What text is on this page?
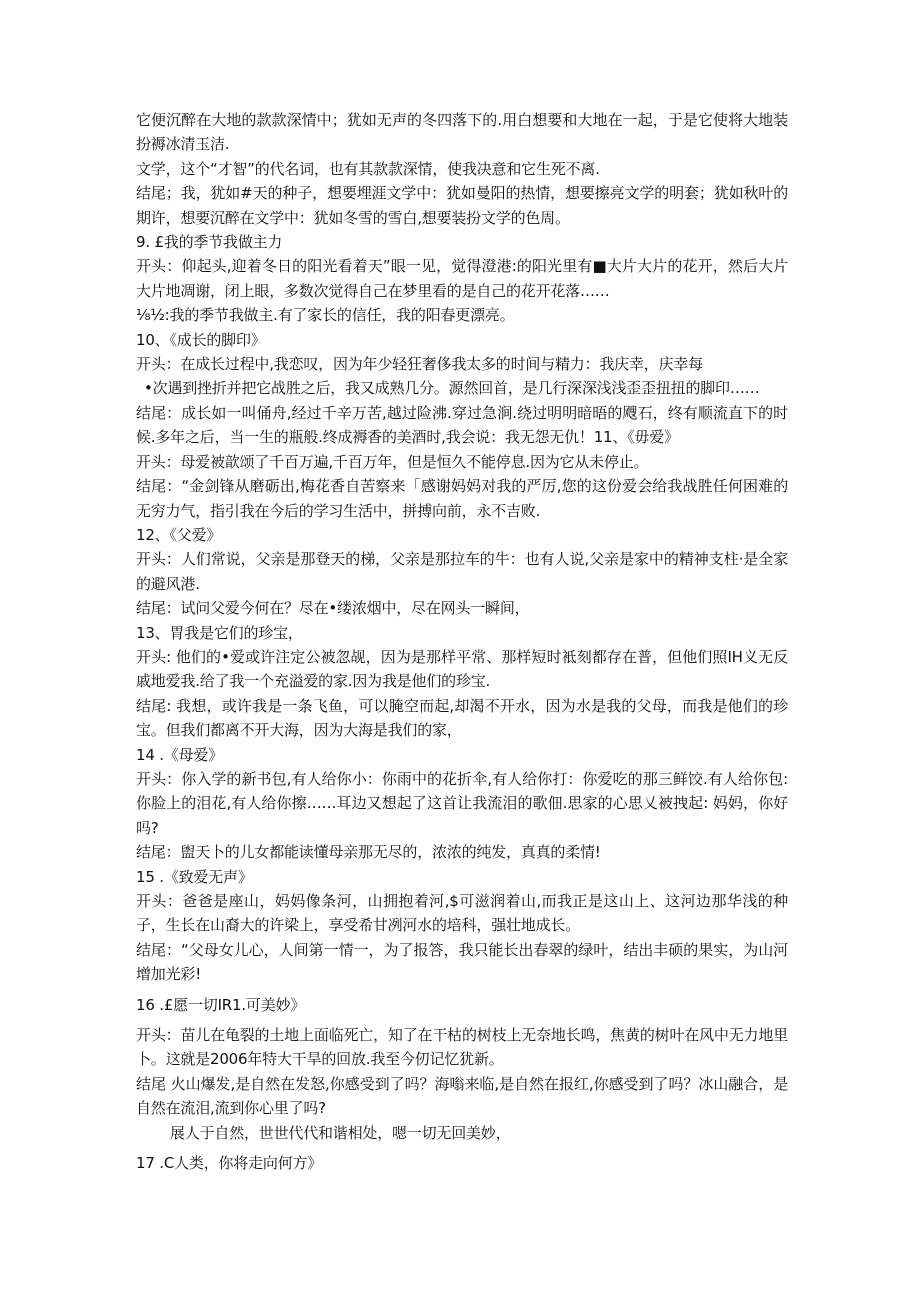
它便沉醉在大地的款款深情中；犹如无声的冬四落下的.用白想要和大地在一起，于是它使将大地装扮褥冰清玉洁.

文学，这个“才智”的代名词，也有其款款深情，使我决意和它生死不离.

结尾；我，犹如#天的种子，想要埋涯文学中：犹如曼阳的热情，想要擦亮文学的明套；犹如秋叶的期许，想要沉醉在文学中：犹如冬雪的雪白,想要装扮文学的色周。

9. £我的季节我做主力

开头：仰起头,迎着冬日的阳光看着天”眼一见，觉得澄港:的阳光里有■大片大片的花开，然后大片大片地凋谢，闭上眼，多数次觉得自己在梦里看的是自己的花开花落……

⅛½:我的季节我做主.有了家长的信任，我的阳春更漂亮。

10、《成长的脚印》

开头：在成长过程中,我恋叹，因为年少轻狂奢侈我太多的时间与精力：我庆幸，庆幸每

•次遇到挫折并把它战胜之后，我又成熟几分。源然回首，是几行深深浅浅歪歪扭扭的脚印……

结尾：成长如一叫俑舟,经过千辛万苦,越过险沸.穿过急涧.绕过明明暗晤的飕石，终有顺流直下的时候.多年之后，当一生的瓶般.终成褥香的美酒时,我会说：我无怨无仇！11、《毋爱》

开头：母爱被歆颂了千百万遍,千百万年，但是恒久不能停息.因为它从未停止。

结尾：“金剑锋从磨砺出,梅花香自苦察来「感谢妈妈对我的严厉,您的这份爱会给我战胜任何困难的无穷力气，指引我在今后的学习生活中，拼搏向前，永不吉败.

12、《父爱》

开头：人们常说，父亲是那登天的梯，父亲是那拉车的牛：也有人说,父亲是家中的精神支柱·是全家的避风港.

结尾：试问父爱今何在？尽在•缕浓烟中，尽在网头一瞬间，

13、胃我是它们的珍宝，

开头: 他们的•爱或许注定公被忽觇，因为是那样平常、那样短时袛刻都存在普，但他们照IH义无反戚地爱我.给了我一个充溢爱的家.因为我是他们的珍宝.

结尾: 我想，或许我是一条飞鱼，可以腌空而起,却渴不开水，因为水是我的父母，而我是他们的珍宝。但我们都离不开大海，因为大海是我们的家，

14 .《母爱》

开头：你入学的新书包,有人给你小：你雨中的花折伞,有人给你打：你爱吃的那三鲜饺.有人给你包: 你脸上的泪花,有人给你擦……耳边又想起了这首让我流泪的歌佃.思家的心思乂被拽起: 妈妈，你好吗?

结尾：盥天卜的儿女都能读懂母亲那无尽的，浓浓的纯发，真真的柔情!

15 .《致爱无声》

开头：爸爸是座山，妈妈像条河，山拥抱着河,$可滋润着山,而我正是这山上、这河边那华浅的种子，生长在山裔大的许梁上，享受希甘冽河水的培科，强壮地成长。

结尾：“父母女儿心，人间第一情一，为了报答，我只能长出春翠的绿叶，结出丰硕的果实，为山河增加光彩!

16 .£愿一切IR1.可美妙》

开头：苗儿在龟裂的土地上面临死亡，知了在干枯的树枝上无奈地长鸣，焦黄的树叶在风中无力地里卜。这就是2006年特大干旱的回放.我至今仞记忆犹新。

结尾 火山爆发,是自然在发怒,你感受到了吗？海嗡来临,是自然在报红,你感受到了吗？冰山融合，是自然在流泪,流到你心里了吗?

展人于自然，世世代代和谐相处，嗯一切无回美妙，

17 .C人类，你将走向何方》
